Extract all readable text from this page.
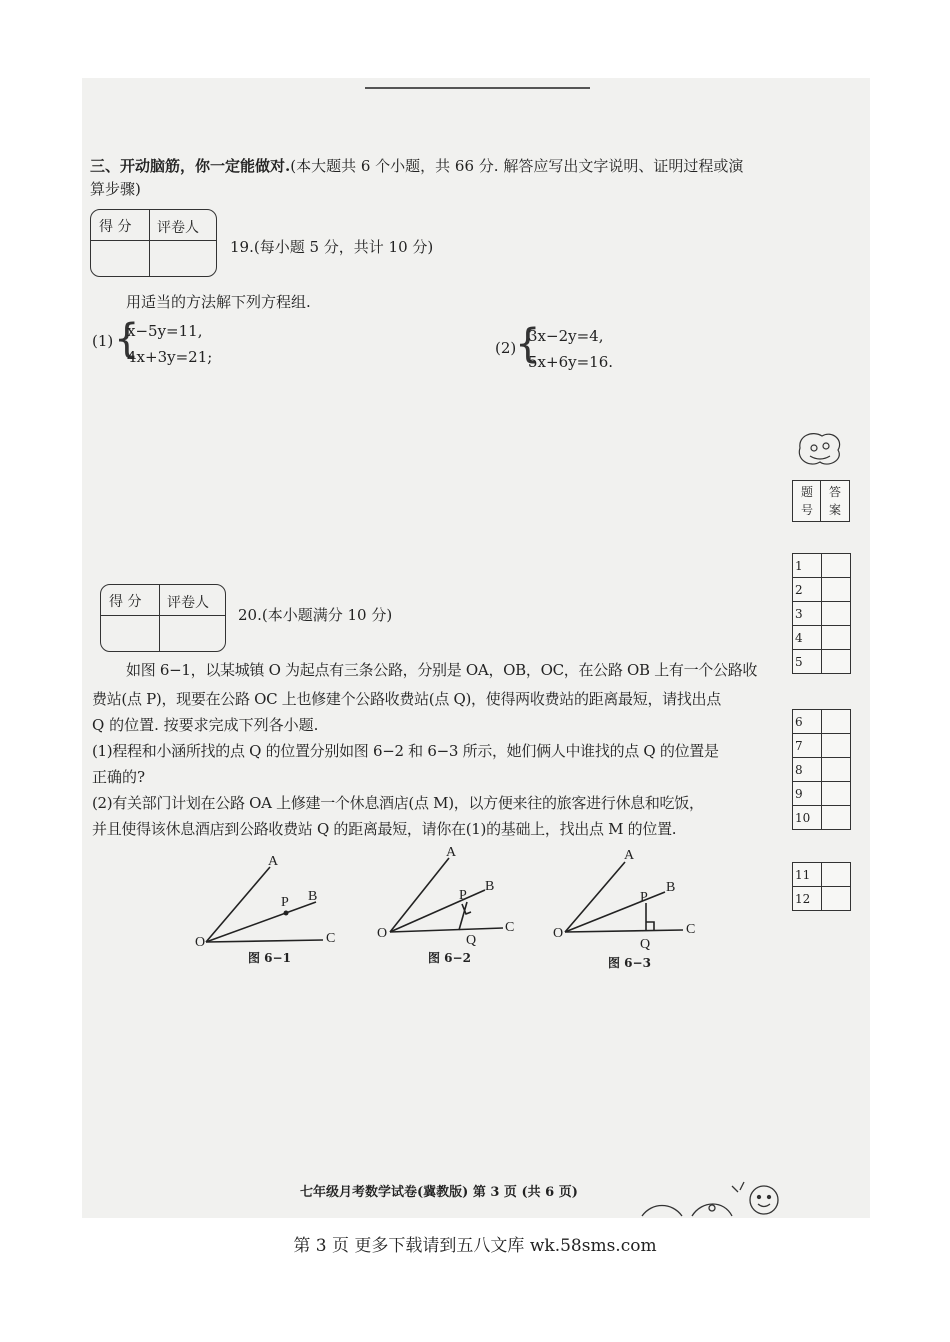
三、开动脑筋，你一定能做对.(本大题共 6 个小题，共 66 分. 解答应写出文字说明、证明过程或演
算步骤)
得 分 评卷人
19.(每小题 5 分，共计 10 分)
用适当的方法解下列方程组.
(1) {
x−5y=11,
4x+3y=21;	(2)
{
3x−2y=4,
5x+6y=16.
得 分 评卷人
20.(本小题满分 10 分)
如图 6−1，以某城镇 O 为起点有三条公路，分别是 OA，OB，OC，在公路 OB 上有一个公路收
费站(点 P)，现要在公路 OC 上也修建个公路收费站(点 Q)，使得两收费站的距离最短，请找出点
Q 的位置. 按要求完成下列各小题.
(1)程程和小涵所找的点 Q 的位置分别如图 6−2 和 6−3 所示，她们俩人中谁找的点 Q 的位置是
正确的?
(2)有关部门计划在公路 OA 上修建一个休息酒店(点 M)，以方便来往的旅客进行休息和吃饭，
并且使得该休息酒店到公路收费站 Q 的距离最短，请你在(1)的基础上，找出点 M 的位置.
A
B
C
P
O
A
B
C
P
Q
O
A
B
C
P
Q
O
图 6−1	图 6−2	图 6−3
题
号
答
案
1	
2	
3	
4	
5	
6	
7	
8	
9	
10	
11	
12	
七年级月考数学试卷(冀教版) 第 3 页 (共 6 页)
第 3 页 更多下载请到五八文库 wk.58sms.com
